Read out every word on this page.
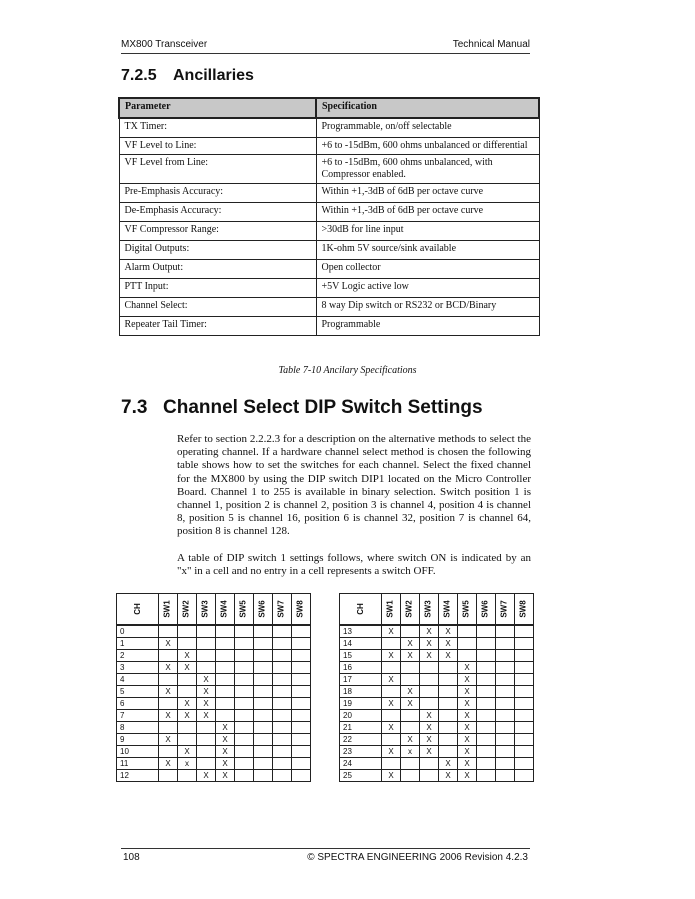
MX800 Transceiver	Technical Manual
7.2.5 Ancillaries
Parameter	Specification
TX Timer:	Programmable, on/off selectable
VF Level to Line:	+6 to -15dBm, 600 ohms unbalanced or differential
VF Level from Line:	+6 to -15dBm, 600 ohms unbalanced, with Compressor enabled.
Pre-Emphasis Accuracy:	Within +1,-3dB of 6dB per octave curve
De-Emphasis Accuracy:	Within +1,-3dB of 6dB per octave curve
VF Compressor Range:	>30dB for line input
Digital Outputs:	1K-ohm 5V source/sink available
Alarm Output:	Open collector
PTT Input:	+5V Logic active low
Channel Select:	8 way Dip switch or RS232 or BCD/Binary
Repeater Tail Timer:	Programmable
Table 7-10 Ancilary Specifications
7.3 Channel Select DIP Switch Settings
Refer to section 2.2.2.3 for a description on the alternative methods to select the operating channel. If a hardware channel select method is chosen the following table shows how to set the switches for each channel. Select the fixed channel for the MX800 by using the DIP switch DIP1 located on the Micro Controller Board. Channel 1 to 255 is available in binary selection. Switch position 1 is channel 1, position 2 is channel 2, position 3 is channel 4, position 4 is channel 8, position 5 is channel 16, position 6 is channel 32, position 7 is channel 64, position 8 is channel 128.
A table of DIP switch 1 settings follows, where switch ON is indicated by an "x" in a cell and no entry in a cell represents a switch OFF.
CH	SW1	SW2	SW3	SW4	SW5	SW6	SW7	SW8
0								
1	X							
2		X						
3	X	X						
4			X					
5	X		X					
6		X	X					
7	X	X	X					
8				X				
9	X			X				
10		X		X				
11	X	x		X				
12			X	X				
CH	SW1	SW2	SW3	SW4	SW5	SW6	SW7	SW8
13	X		X	X				
14		X	X	X				
15	X	X	X	X				
16					X			
17	X				X			
18		X			X			
19	X	X			X			
20			X		X			
21	X		X		X			
22		X	X		X			
23	X	x	X		X			
24				X	X			
25	X			X	X			
108	© SPECTRA ENGINEERING 2006 Revision 4.2.3
